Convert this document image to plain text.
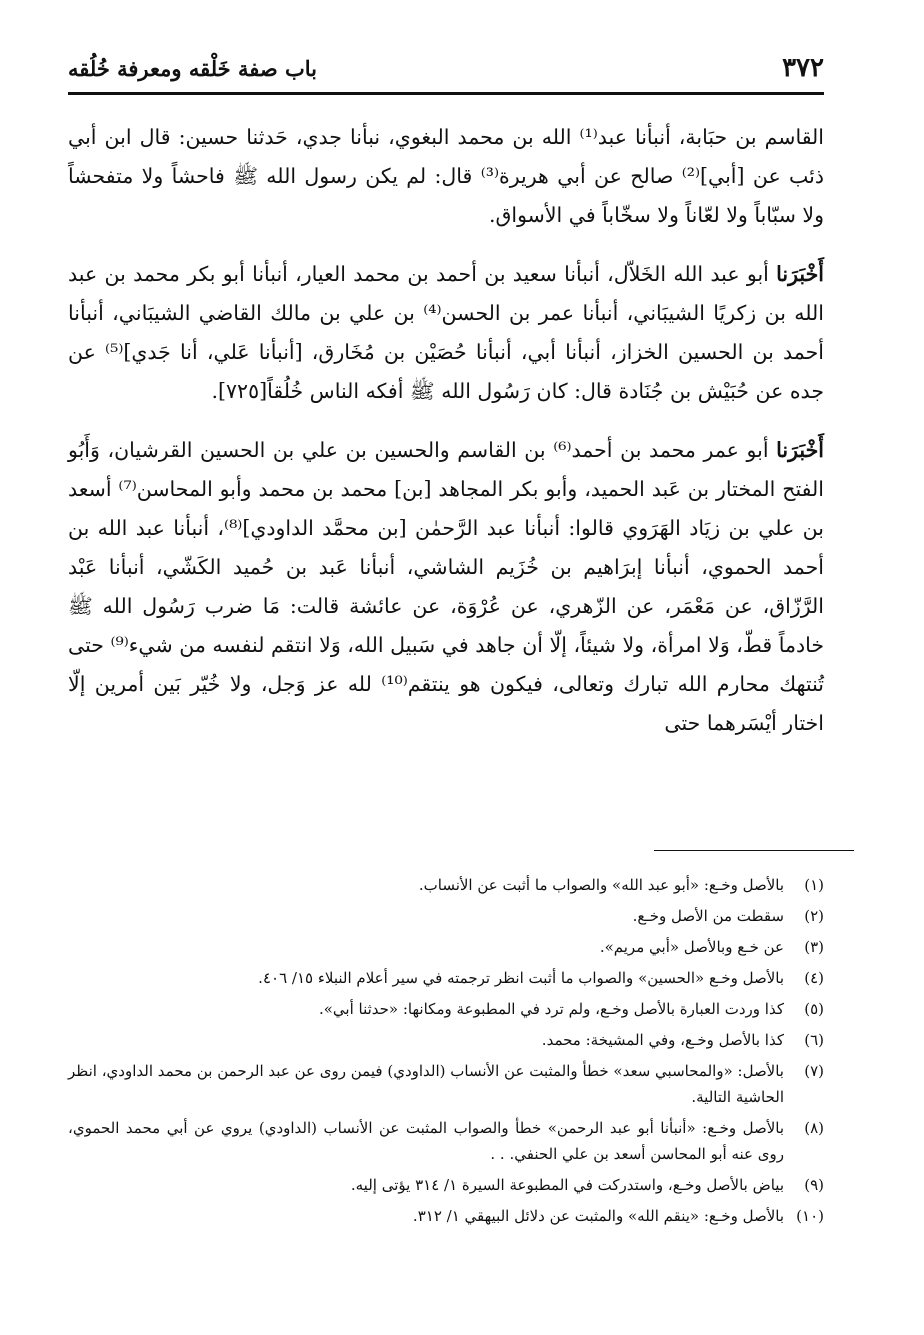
٣٧٢
باب صفة خَلْقه ومعرفة خُلُقه

القاسم بن حبَابة، أنبأنا عبد⁽¹⁾ الله بن محمد البغوي، نبأنا جدي، حَدثنا حسين: قال ابن أبي ذئب عن [أبي]⁽²⁾ صالح عن أبي هريرة⁽³⁾ قال: لم يكن رسول الله ﷺ فاحشاً ولا متفحشاً ولا سبّاباً ولا لعّاناً ولا سخّاباً في الأسواق.

أَخْبَرَنا أبو عبد الله الخَلاّل، أنبأنا سعيد بن أحمد بن محمد العيار، أنبأنا أبو بكر محمد بن عبد الله بن زكريًا الشيبَاني، أنبأنا عمر بن الحسن⁽⁴⁾ بن علي بن مالك القاضي الشيبَاني، أنبأنا أحمد بن الحسين الخزاز، أنبأنا أبي، أنبأنا حُصَيْن بن مُخَارق، [أنبأنا عَلي، أنا جَدي]⁽⁵⁾ عن جده عن حُبَيْش بن جُنَادة قال: كان رَسُول الله ﷺ أفكه الناس خُلُقاً[٧٢٥].

أَخْبَرَنا أبو عمر محمد بن أحمد⁽⁶⁾ بن القاسم والحسين بن علي بن الحسين القرشيان، وَأَبُو الفتح المختار بن عَبد الحميد، وأبو بكر المجاهد [بن] محمد بن محمد وأبو المحاسن⁽⁷⁾ أسعد بن علي بن زيَاد الهَرَوي قالوا: أنبأنا عبد الرَّحمٰن [بن محمَّد الداودي]⁽⁸⁾، أنبأنا عبد الله بن أحمد الحموي، أنبأنا إبرَاهيم بن خُزَيم الشاشي، أنبأنا عَبد بن حُميد الكَشّي، أنبأنا عَبْد الرَّزّاق، عن مَعْمَر، عن الزّهري، عن عُرْوَة، عن عائشة قالت: مَا ضرب رَسُول الله ﷺ خادماً قطّ، وَلا امرأة، ولا شيئاً، إلّا أن جاهد في سَبيل الله، وَلا انتقم لنفسه من شيء⁽⁹⁾ حتى تُنتهك محارم الله تبارك وتعالى، فيكون هو ينتقم⁽¹⁰⁾ لله عز وَجل، ولا خُيّر بَين أمرين إلّا اختار أيْسَرهما حتى

(١)
بالأصل وخـع: «أبو عبد الله» والصواب ما أثبت عن الأنساب.
(٢)
سقطت من الأصل وخـع.
(٣)
عن خـع وبالأصل «أبي مريم».
(٤)
بالأصل وخـع «الحسين» والصواب ما أثبت انظر ترجمته في سير أعلام النبلاء ١٥/ ٤٠٦.
(٥)
كذا وردت العبارة بالأصل وخـع، ولم ترد في المطبوعة ومكانها: «حدثنا أبي».
(٦)
كذا بالأصل وخـع، وفي المشيخة: محمد.
(٧)
بالأصل: «والمحاسبي سعد» خطأ والمثبت عن الأنساب (الداودي) فيمن روى عن عبد الرحمن بن محمد الداودي، انظر الحاشية التالية.
(٨)
بالأصل وخـع: «أنبأنا أبو عبد الرحمن» خطأ والصواب المثبت عن الأنساب (الداودي) يروي عن أبي محمد الحموي، روى عنه أبو المحاسن أسعد بن علي الحنفي. . .
(٩)
بياض بالأصل وخـع، واستدركت في المطبوعة السيرة ١/ ٣١٤ يؤتى إليه.
(١٠)
بالأصل وخـع: «ينقم الله» والمثبت عن دلائل البيهقي ١/ ٣١٢.
